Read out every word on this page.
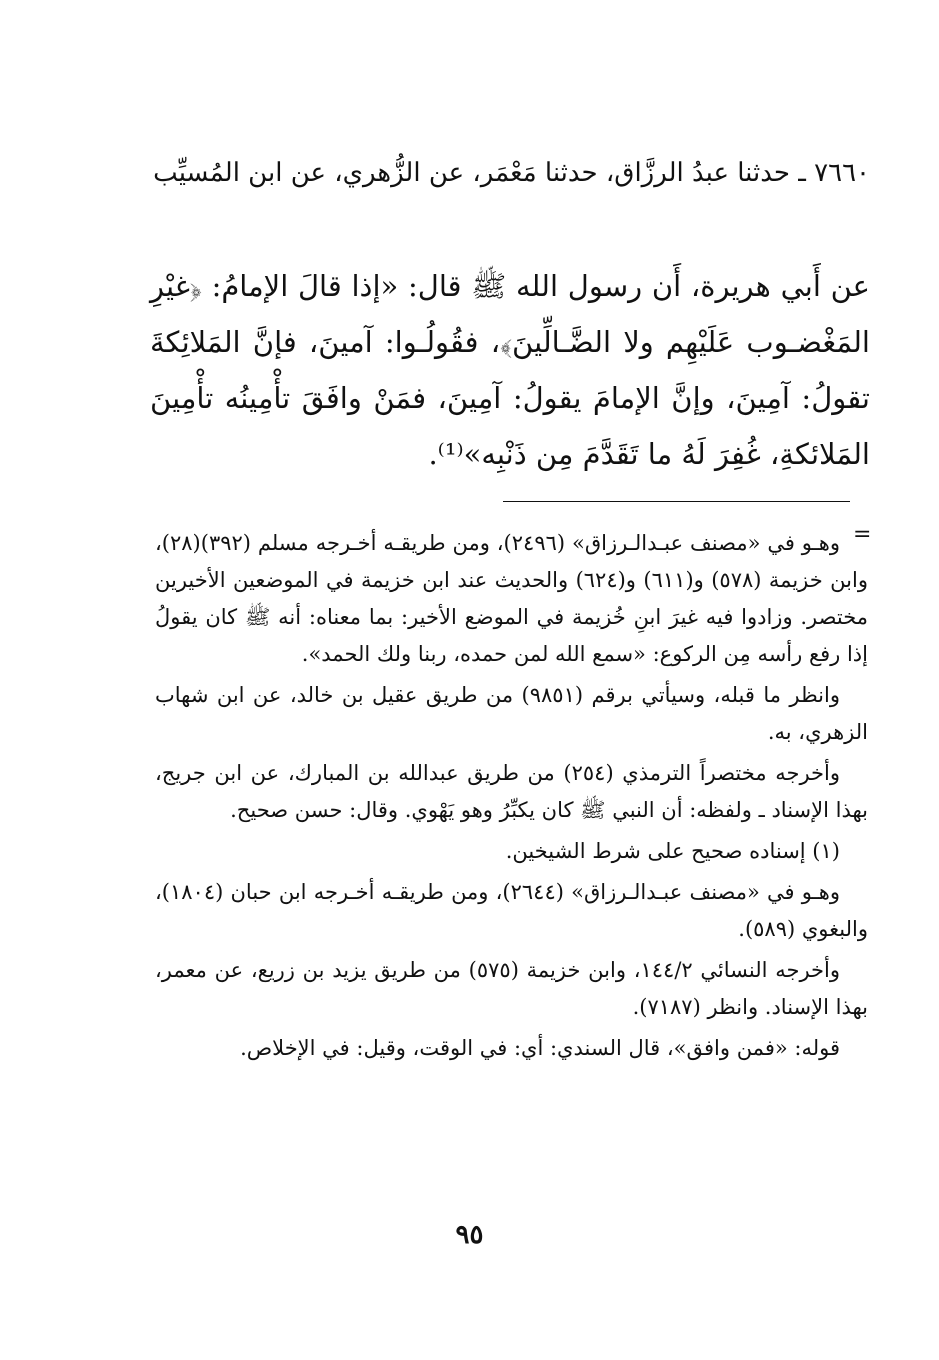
٧٦٦٠ ـ حدثنا عبدُ الرزَّاق، حدثنا مَعْمَر، عن الزُّهري، عن ابن المُسيِّب
عن أَبي هريرة، أَن رسول الله ﷺ قال: «إذا قالَ الإمامُ: ﴿غيْرِ المَغْضـوب عَلَيْهِم ولا الضَّـالِّينَ﴾، فقُولُـوا: آمينَ، فإنَّ المَلائِكةَ تقولُ: آمِينَ، وإنَّ الإمامَ يقولُ: آمِينَ، فمَنْ وافَقَ تأْمِينُه تأْمِينَ المَلائكةِ، غُفِرَ لَهُ ما تَقَدَّمَ مِن ذَنْبِه»⁽¹⁾.
=

وهـو في «مصنف عبـدالـرزاق» (٢٤٩٦)، ومن طريقـه أخـرجه مسلم (٣٩٢)(٢٨)، وابن خزيمة (٥٧٨) و(٦١١) و(٦٢٤) والحديث عند ابن خزيمة في الموضعين الأخيرين مختصر. وزادوا فيه غيرَ ابنِ خُزيمة في الموضع الأخير: بما معناه: أنه ﷺ كان يقولُ إذا رفع رأسه مِن الركوع: «سمع الله لمن حمده، ربنا ولك الحمد».

وانظر ما قبله، وسيأتي برقم (٩٨٥١) من طريق عقيل بن خالد، عن ابن شهاب الزهري، به.

وأخرجه مختصراً الترمذي (٢٥٤) من طريق عبدالله بن المبارك، عن ابن جريج، بهذا الإسناد ـ ولفظه: أن النبي ﷺ كان يكبِّرُ وهو يَهْوي. وقال: حسن صحيح.

(١) إسناده صحيح على شرط الشيخين.

وهـو في «مصنف عبـدالـرزاق» (٢٦٤٤)، ومن طريقـه أخـرجه ابن حبان (١٨٠٤)، والبغوي (٥٨٩).

وأخرجه النسائي ١٤٤/٢، وابن خزيمة (٥٧٥) من طريق يزيد بن زريع، عن معمر، بهذا الإسناد. وانظر (٧١٨٧).

قوله: «فمن وافق»، قال السندي: أي: في الوقت، وقيل: في الإخلاص.

٩٥
